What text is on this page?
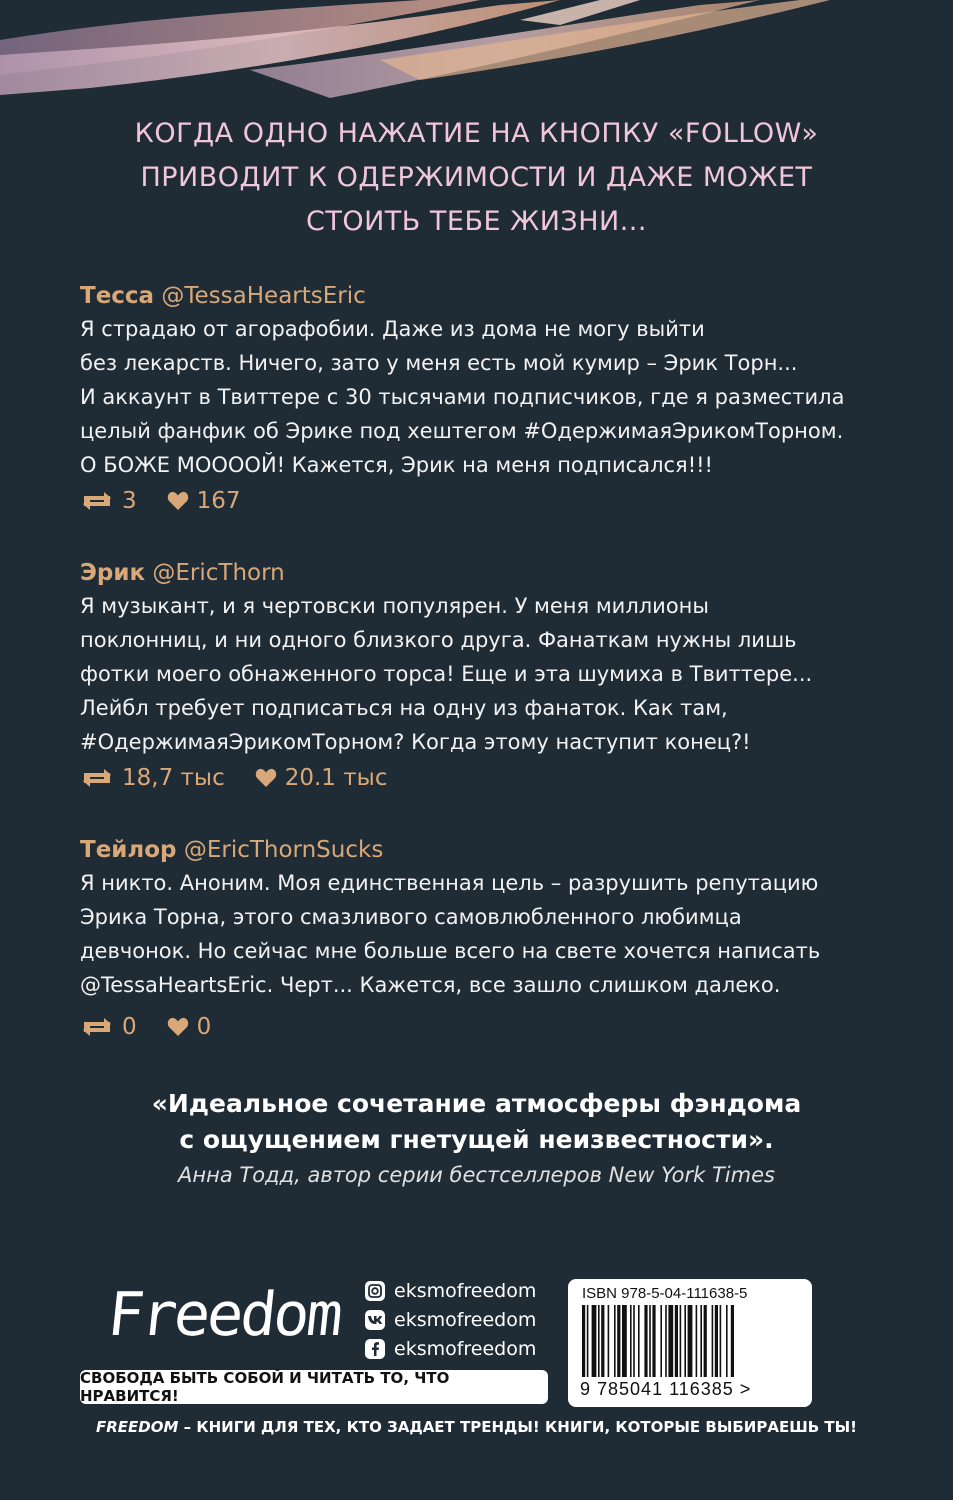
КОГДА ОДНО НАЖАТИЕ НА КНОПКУ «FOLLOW»
ПРИВОДИТ К ОДЕРЖИМОСТИ И ДАЖЕ МОЖЕТ
СТОИТЬ ТЕБЕ ЖИЗНИ...
Тесса @TessaHeartsEric
Я страдаю от агорафобии. Даже из дома не могу выйти
без лекарств. Ничего, зато у меня есть мой кумир – Эрик Торн...
И аккаунт в Твиттере с 30 тысячами подписчиков, где я разместила
целый фанфик об Эрике под хештегом #ОдержимаяЭрикомТорном.
О БОЖЕ МООООЙ! Кажется, Эрик на меня подписался!!!
3	167
Эрик @EricThorn
Я музыкант, и я чертовски популярен. У меня миллионы
поклонниц, и ни одного близкого друга. Фанаткам нужны лишь
фотки моего обнаженного торса! Еще и эта шумиха в Твиттере...
Лейбл требует подписаться на одну из фанаток. Как там,
#ОдержимаяЭрикомТорном? Когда этому наступит конец?!
18,7 тыс	20.1 тыс
Тейлор @EricThornSucks
Я никто. Аноним. Моя единственная цель – разрушить репутацию
Эрика Торна, этого смазливого самовлюбленного любимца
девчонок. Но сейчас мне больше всего на свете хочется написать
@TessaHeartsEric. Черт... Кажется, все зашло слишком далеко.
0	0
«Идеальное сочетание атмосферы фэндома
с ощущением гнетущей неизвестности».
Анна Тодд, автор серии бестселлеров New York Times
Freedom	eksmofreedom
eksmofreedom
eksmofreedom
СВОБОДА БЫТЬ СОБОЙ И ЧИТАТЬ ТО, ЧТО НРАВИТСЯ!
ISBN 978-5-04-111638-5
9 785041 116385 >
FREEDOM – КНИГИ ДЛЯ ТЕХ, КТО ЗАДАЕТ ТРЕНДЫ! КНИГИ, КОТОРЫЕ ВЫБИРАЕШЬ ТЫ!
